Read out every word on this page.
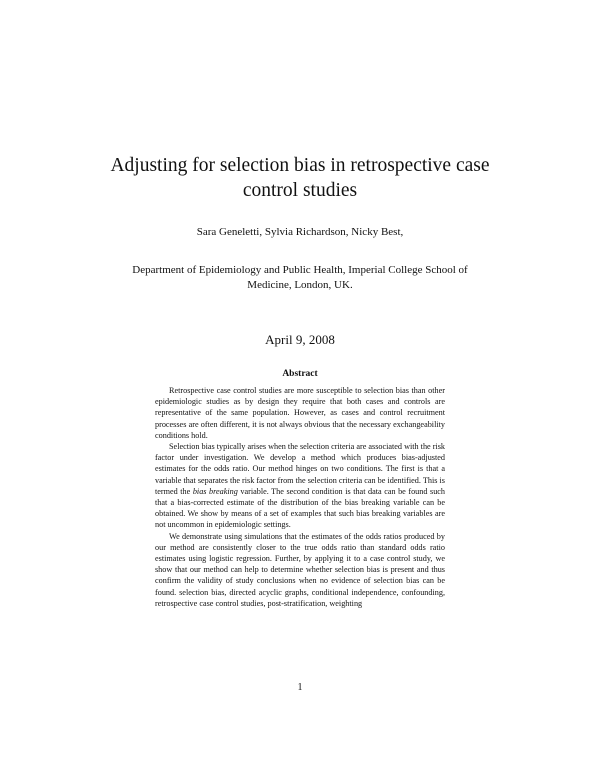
Adjusting for selection bias in retrospective case
control studies
Sara Geneletti, Sylvia Richardson, Nicky Best,
Department of Epidemiology and Public Health, Imperial College School of
Medicine, London, UK.
April 9, 2008
Abstract

Retrospective case control studies are more susceptible to selection bias than other epidemiologic studies as by design they require that both cases and controls are representative of the same population. However, as cases and control recruitment processes are often different, it is not always obvious that the necessary exchangeability conditions hold.

Selection bias typically arises when the selection criteria are associated with the risk factor under investigation. We develop a method which produces bias-adjusted estimates for the odds ratio. Our method hinges on two conditions. The first is that a variable that separates the risk factor from the selection criteria can be identified. This is termed the bias breaking variable. The second condition is that data can be found such that a bias-corrected estimate of the distribution of the bias breaking variable can be obtained. We show by means of a set of examples that such bias breaking variables are not uncommon in epidemiologic settings.

We demonstrate using simulations that the estimates of the odds ratios produced by our method are consistently closer to the true odds ratio than standard odds ratio estimates using logistic regression. Further, by applying it to a case control study, we show that our method can help to determine whether selection bias is present and thus confirm the validity of study conclusions when no evidence of selection bias can be found. selection bias, directed acyclic graphs, conditional independence, confounding, retrospective case control studies, post-stratification, weighting

1
